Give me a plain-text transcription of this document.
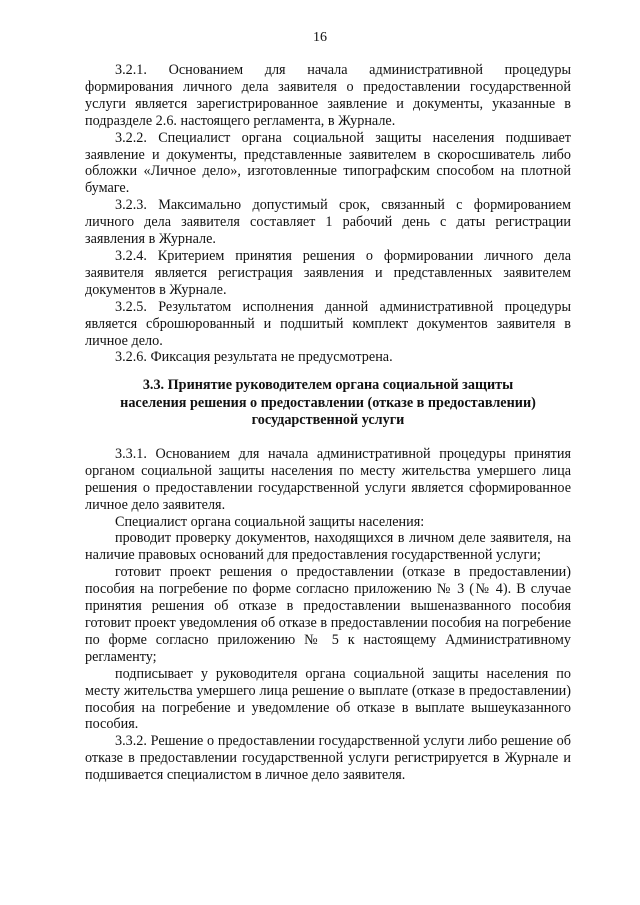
16

3.2.1. Основанием для начала административной процедуры формирования личного дела заявителя о предоставлении государственной услуги является зарегистрированное заявление и документы, указанные в подразделе 2.6. настоящего регламента, в Журнале.

3.2.2. Специалист органа социальной защиты населения подшивает заявление и документы, представленные заявителем в скоросшиватель либо обложки «Личное дело», изготовленные типографским способом на плотной бумаге.

3.2.3. Максимально допустимый срок, связанный с формированием личного дела заявителя составляет 1 рабочий день с даты регистрации заявления в Журнале.

3.2.4. Критерием принятия решения о формировании личного дела заявителя является регистрация заявления и представленных заявителем документов в Журнале.

3.2.5. Результатом исполнения данной административной процедуры является сброшюрованный и подшитый комплект документов заявителя в личное дело.

3.2.6. Фиксация результата не предусмотрена.

3.3. Принятие руководителем органа социальной защиты
населения решения о предоставлении (отказе в предоставлении)
государственной услуги

3.3.1. Основанием для начала административной процедуры принятия органом социальной защиты населения по месту жительства умершего лица решения о предоставлении государственной услуги является сформированное личное дело заявителя.

Специалист органа социальной защиты населения:

проводит проверку документов, находящихся в личном деле заявителя, на наличие правовых оснований для предоставления государственной услуги;

готовит проект решения о предоставлении (отказе в предоставлении) пособия на погребение по форме согласно приложению № 3 (№ 4). В случае принятия решения об отказе в предоставлении вышеназванного пособия готовит проект уведомления об отказе в предоставлении пособия на погребение по форме согласно приложению № 5 к настоящему Административному регламенту;

подписывает у руководителя органа социальной защиты населения по месту жительства умершего лица решение о выплате (отказе в предоставлении) пособия на погребение и уведомление об отказе в выплате вышеуказанного пособия.

3.3.2. Решение о предоставлении государственной услуги либо решение об отказе в предоставлении государственной услуги регистрируется в Журнале и подшивается специалистом в личное дело заявителя.
